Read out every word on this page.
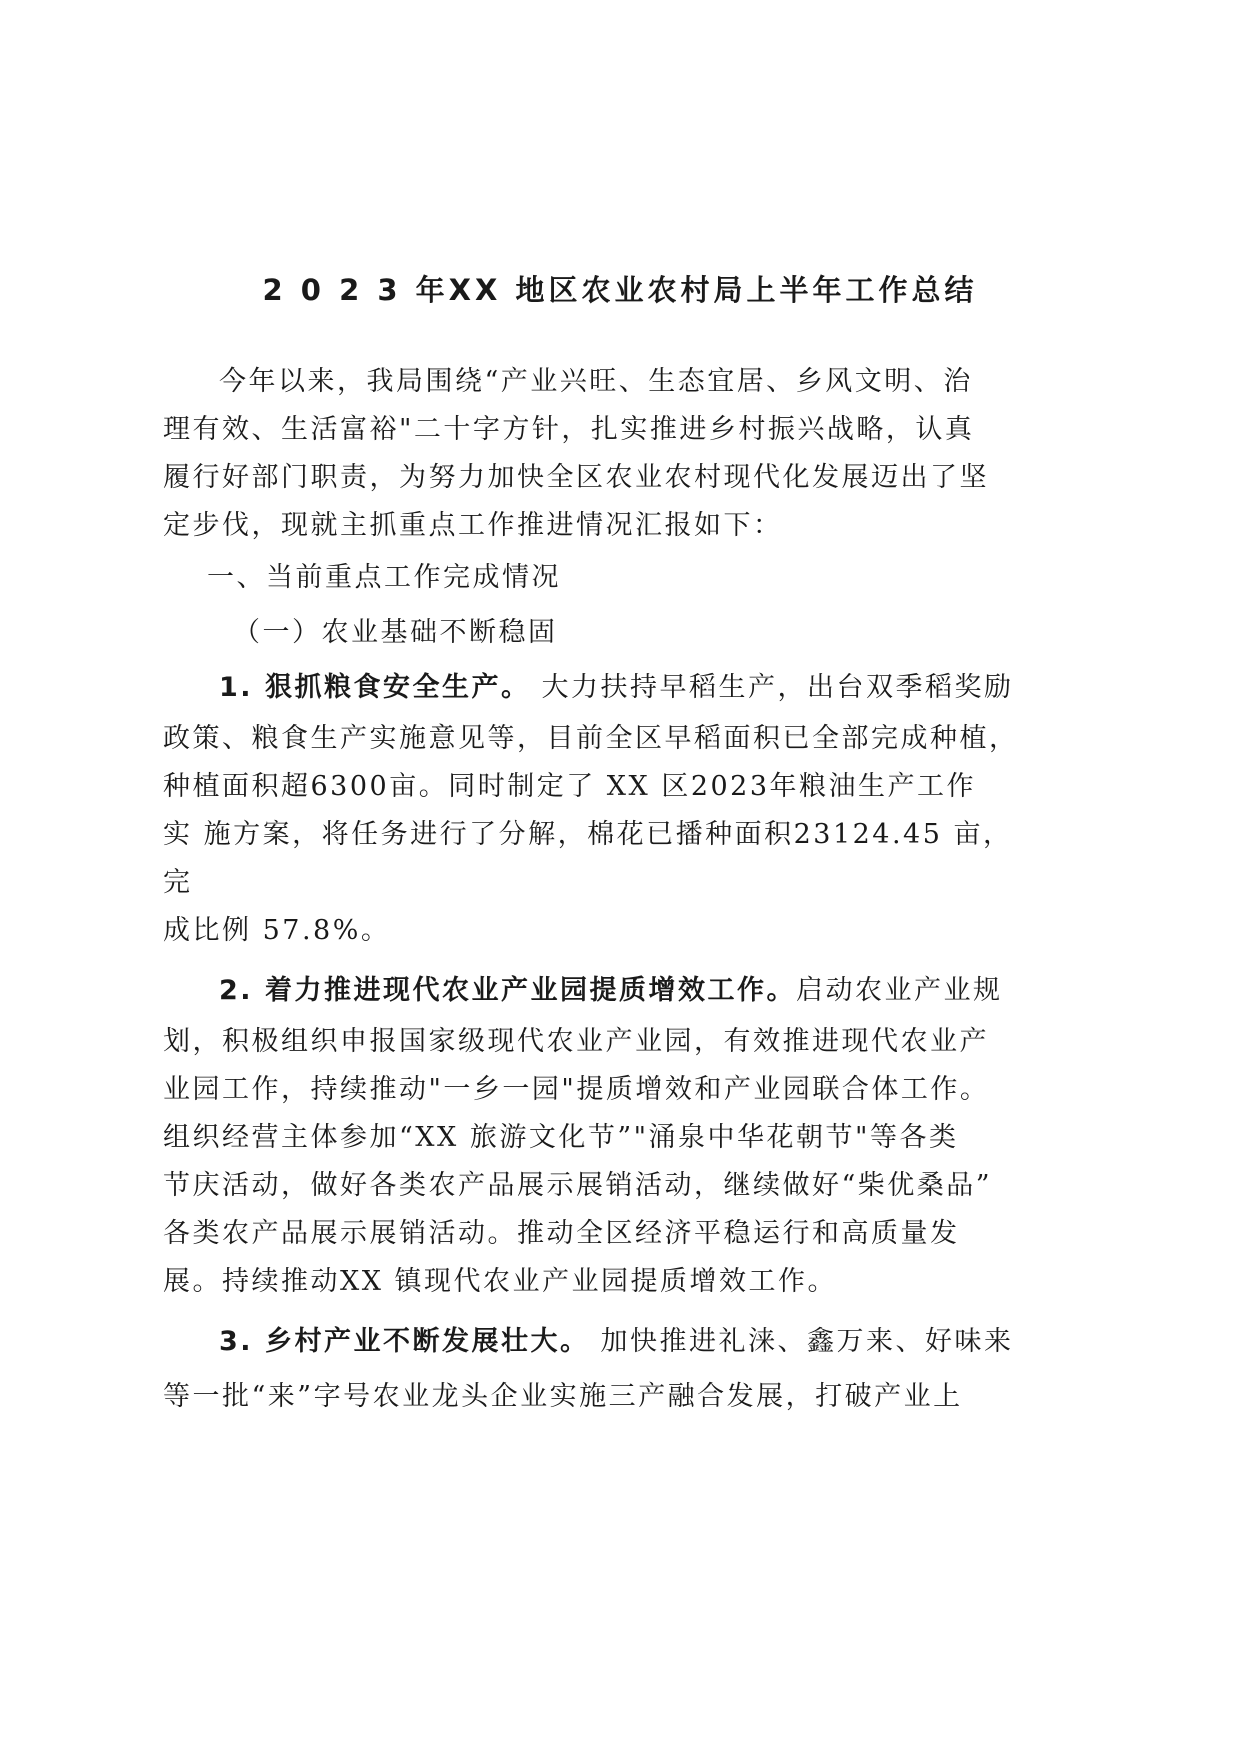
2 0 2 3 年XX 地区农业农村局上半年工作总结
今年以来，我局围绕“产业兴旺、生态宜居、乡风文明、治
理有效、生活富裕"二十字方针，扎实推进乡村振兴战略，认真
履行好部门职责，为努力加快全区农业农村现代化发展迈出了坚
定步伐，现就主抓重点工作推进情况汇报如下：
一、当前重点工作完成情况
（一）农业基础不断稳固
1. 狠抓粮食安全生产。 大力扶持早稻生产，出台双季稻奖励
政策、粮食生产实施意见等，目前全区早稻面积已全部完成种植，
种植面积超6300亩。同时制定了 XX 区2023年粮油生产工作
实 施方案，将任务进行了分解，棉花已播种面积23124.45 亩，
完
成比例 57.8%。
2. 着力推进现代农业产业园提质增效工作。启动农业产业规
划，积极组织申报国家级现代农业产业园，有效推进现代农业产
业园工作，持续推动"一乡一园"提质增效和产业园联合体工作。
组织经营主体参加“XX 旅游文化节”"涌泉中华花朝节"等各类
节庆活动，做好各类农产品展示展销活动，继续做好“柴优桑品”
各类农产品展示展销活动。推动全区经济平稳运行和高质量发
展。持续推动XX 镇现代农业产业园提质增效工作。
3. 乡村产业不断发展壮大。 加快推进礼涞、鑫万来、好味来
等一批“来”字号农业龙头企业实施三产融合发展，打破产业上
